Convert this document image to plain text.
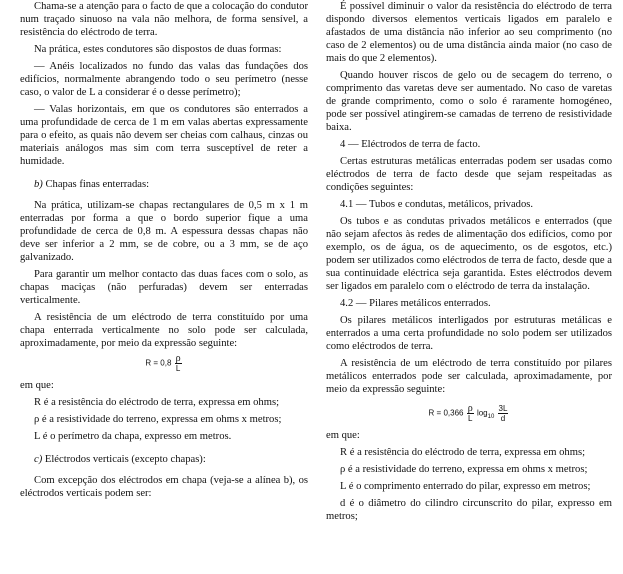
Chama-se a atenção para o facto de que a colocação do condutor num traçado sinuoso na vala não melhora, de forma sensível, a resistência do eléctrodo de terra.

Na prática, estes condutores são dispostos de duas formas:

— Anéis localizados no fundo das valas das fundações dos edifícios, normalmente abrangendo todo o seu perímetro (nesse caso, o valor de L a considerar é o desse perímetro);

— Valas horizontais, em que os condutores são enterrados a uma profundidade de cerca de 1 m em valas abertas expressamente para o efeito, as quais não devem ser cheias com calhaus, cinzas ou materiais análogos mas sim com terra susceptível de reter a humidade.

b) Chapas finas enterradas:

Na prática, utilizam-se chapas rectangulares de 0,5 m x 1 m enterradas por forma a que o bordo superior fique a uma profundidade de cerca de 0,8 m. A espessura dessas chapas não deve ser inferior a 2 mm, se de cobre, ou a 3 mm, se de aço galvanizado.

Para garantir um melhor contacto das duas faces com o solo, as chapas maciças (não perfuradas) devem ser enterradas verticalmente.

A resistência de um eléctrodo de terra constituído por uma chapa enterrada verticalmente no solo pode ser calculada, aproximadamente, por meio da expressão seguinte:

$R = 0,8 \frac{\rho}{L}$

em que:

R é a resistência do eléctrodo de terra, expressa em ohms;

ρ é a resistividade do terreno, expressa em ohms x metros;

L é o perímetro da chapa, expresso em metros.

c) Eléctrodos verticais (excepto chapas):

Com excepção dos eléctrodos em chapa (veja-se a alínea b), os eléctrodos verticais podem ser:

É possível diminuir o valor da resistência do eléctrodo de terra dispondo diversos elementos verticais ligados em paralelo e afastados de uma distância não inferior ao seu comprimento (no caso de 2 elementos) ou de uma distância ainda maior (no caso de mais do que 2 elementos).

Quando houver riscos de gelo ou de secagem do terreno, o comprimento das varetas deve ser aumentado. No caso de varetas de grande comprimento, como o solo é raramente homogéneo, pode ser possível atingirem-se camadas de terreno de resistividade baixa.

4 — Eléctrodos de terra de facto.

Certas estruturas metálicas enterradas podem ser usadas como eléctrodos de terra de facto desde que sejam respeitadas as condições seguintes:

4.1 — Tubos e condutas, metálicos, privados.

Os tubos e as condutas privados metálicos e enterrados (que não sejam afectos às redes de alimentação dos edifícios, como por exemplo, os de água, os de aquecimento, os de esgotos, etc.) podem ser utilizados como eléctrodos de terra de facto, desde que a sua continuidade eléctrica seja garantida. Estes eléctrodos devem ser ligados em paralelo com o eléctrodo de terra da instalação.

4.2 — Pilares metálicos enterrados.

Os pilares metálicos interligados por estruturas metálicas e enterrados a uma certa profundidade no solo podem ser utilizados como eléctrodos de terra.

A resistência de um eléctrodo de terra constituído por pilares metálicos enterrados pode ser calculada, aproximadamente, por meio da expressão seguinte:

$R = 0,366 \frac{\rho}{L} \log_{10} \frac{3L}{d}$

em que:

R é a resistência do eléctrodo de terra, expressa em ohms;

ρ é a resistividade do terreno, expressa em ohms x metros;

L é o comprimento enterrado do pilar, expresso em metros;

d é o diâmetro do cilindro circunscrito do pilar, expresso em metros;
